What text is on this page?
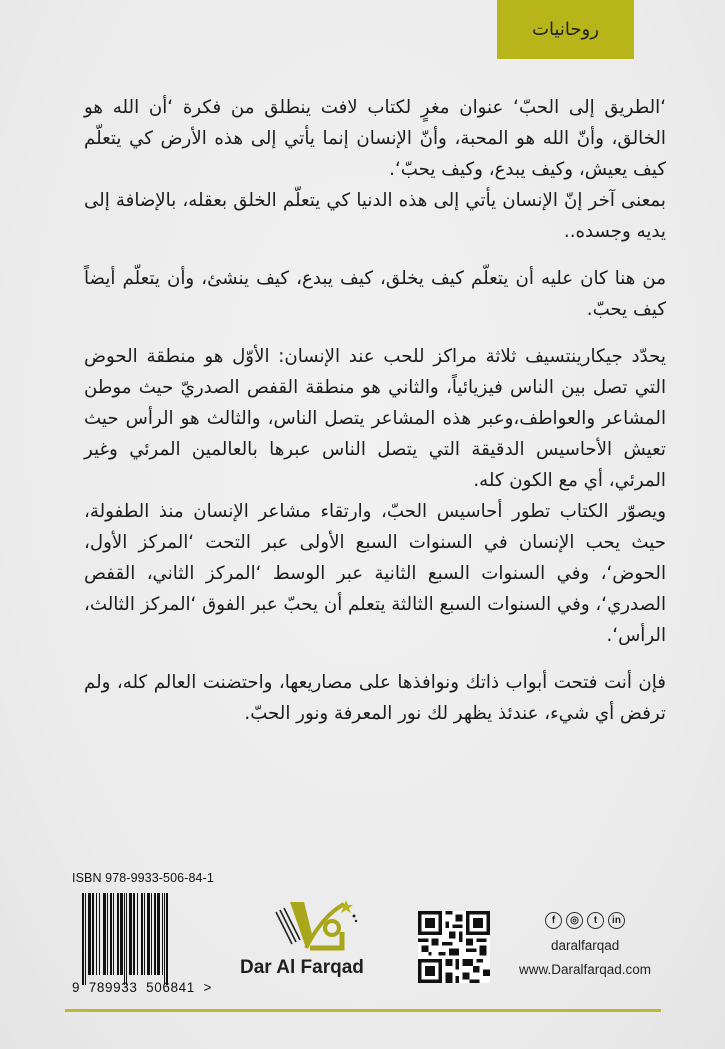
روحانيات

‘الطريق إلى الحبّ‘ عنوان مغرٍ لكتاب لافت ينطلق من فكرة ‘أن الله هو الخالق، وأنّ الله هو المحبة، وأنّ الإنسان إنما يأتي إلى هذه الأرض كي يتعلّم كيف يعيش، وكيف يبدع، وكيف يحبّ‘.

بمعنى آخر إنّ الإنسان يأتي إلى هذه الدنيا كي يتعلّم الخلق بعقله، بالإضافة إلى يديه وجسده..

من هنا كان عليه أن يتعلّم كيف يخلق، كيف يبدع، كيف ينشئ، وأن يتعلّم أيضاً كيف يحبّ.

يحدّد جيكارينتسيف ثلاثة مراكز للحب عند الإنسان: الأوّل هو منطقة الحوض التي تصل بين الناس فيزيائياً، والثاني هو منطقة القفص الصدريّ حيث موطن المشاعر والعواطف،وعبر هذه المشاعر يتصل الناس، والثالث هو الرأس حيث تعيش الأحاسيس الدقيقة التي يتصل الناس عبرها بالعالمين المرئي وغير المرئي، أي مع الكون كله.

ويصوّر الكتاب تطور أحاسيس الحبّ، وارتقاء مشاعر الإنسان منذ الطفولة، حيث يحب الإنسان في السنوات السبع الأولى عبر التحت ‘المركز الأول، الحوض‘، وفي السنوات السبع الثانية عبر الوسط ‘المركز الثاني، القفص الصدري‘، وفي السنوات السبع الثالثة يتعلم أن يحبّ عبر الفوق ‘المركز الثالث، الرأس‘.

فإن أنت فتحت أبواب ذاتك ونوافذها على مصاريعها، واحتضنت العالم كله، ولم ترفض أي شيء، عندئذ يظهر لك نور المعرفة ونور الحبّ.

ISBN 978-9933-506-84-1
9  789933  506841  >
Dar Al Farqad
f	◎	t	in
daralfarqad
www.Daralfarqad.com
